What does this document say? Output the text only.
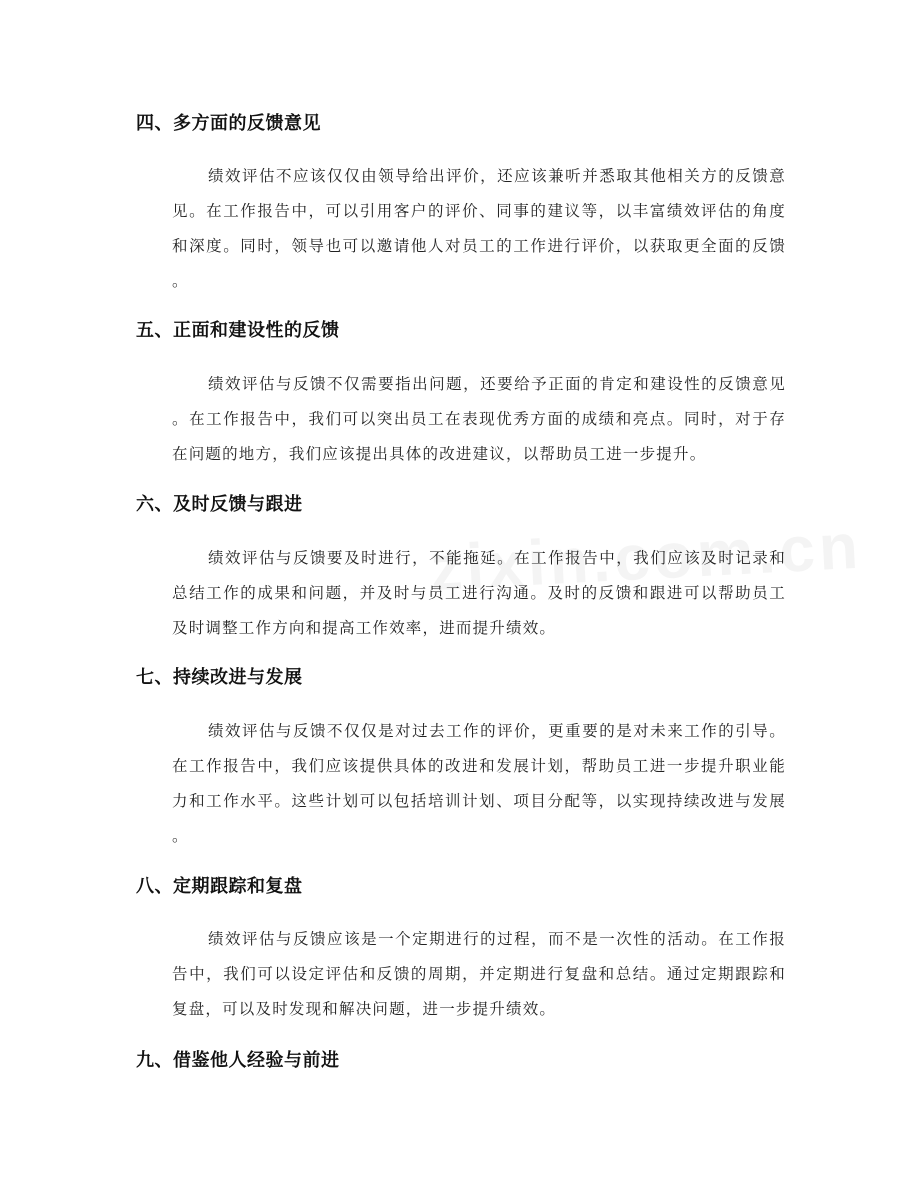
四、多方面的反馈意见
绩效评估不应该仅仅由领导给出评价，还应该兼听并悉取其他相关方的反馈意
见。在工作报告中，可以引用客户的评价、同事的建议等，以丰富绩效评估的角度
和深度。同时，领导也可以邀请他人对员工的工作进行评价，以获取更全面的反馈
。
五、正面和建设性的反馈
绩效评估与反馈不仅需要指出问题，还要给予正面的肯定和建设性的反馈意见
。在工作报告中，我们可以突出员工在表现优秀方面的成绩和亮点。同时，对于存
在问题的地方，我们应该提出具体的改进建议，以帮助员工进一步提升。
六、及时反馈与跟进
绩效评估与反馈要及时进行，不能拖延。在工作报告中，我们应该及时记录和
总结工作的成果和问题，并及时与员工进行沟通。及时的反馈和跟进可以帮助员工
及时调整工作方向和提高工作效率，进而提升绩效。
七、持续改进与发展
绩效评估与反馈不仅仅是对过去工作的评价，更重要的是对未来工作的引导。
在工作报告中，我们应该提供具体的改进和发展计划，帮助员工进一步提升职业能
力和工作水平。这些计划可以包括培训计划、项目分配等，以实现持续改进与发展
。
八、定期跟踪和复盘
绩效评估与反馈应该是一个定期进行的过程，而不是一次性的活动。在工作报
告中，我们可以设定评估和反馈的周期，并定期进行复盘和总结。通过定期跟踪和
复盘，可以及时发现和解决问题，进一步提升绩效。
九、借鉴他人经验与前进
